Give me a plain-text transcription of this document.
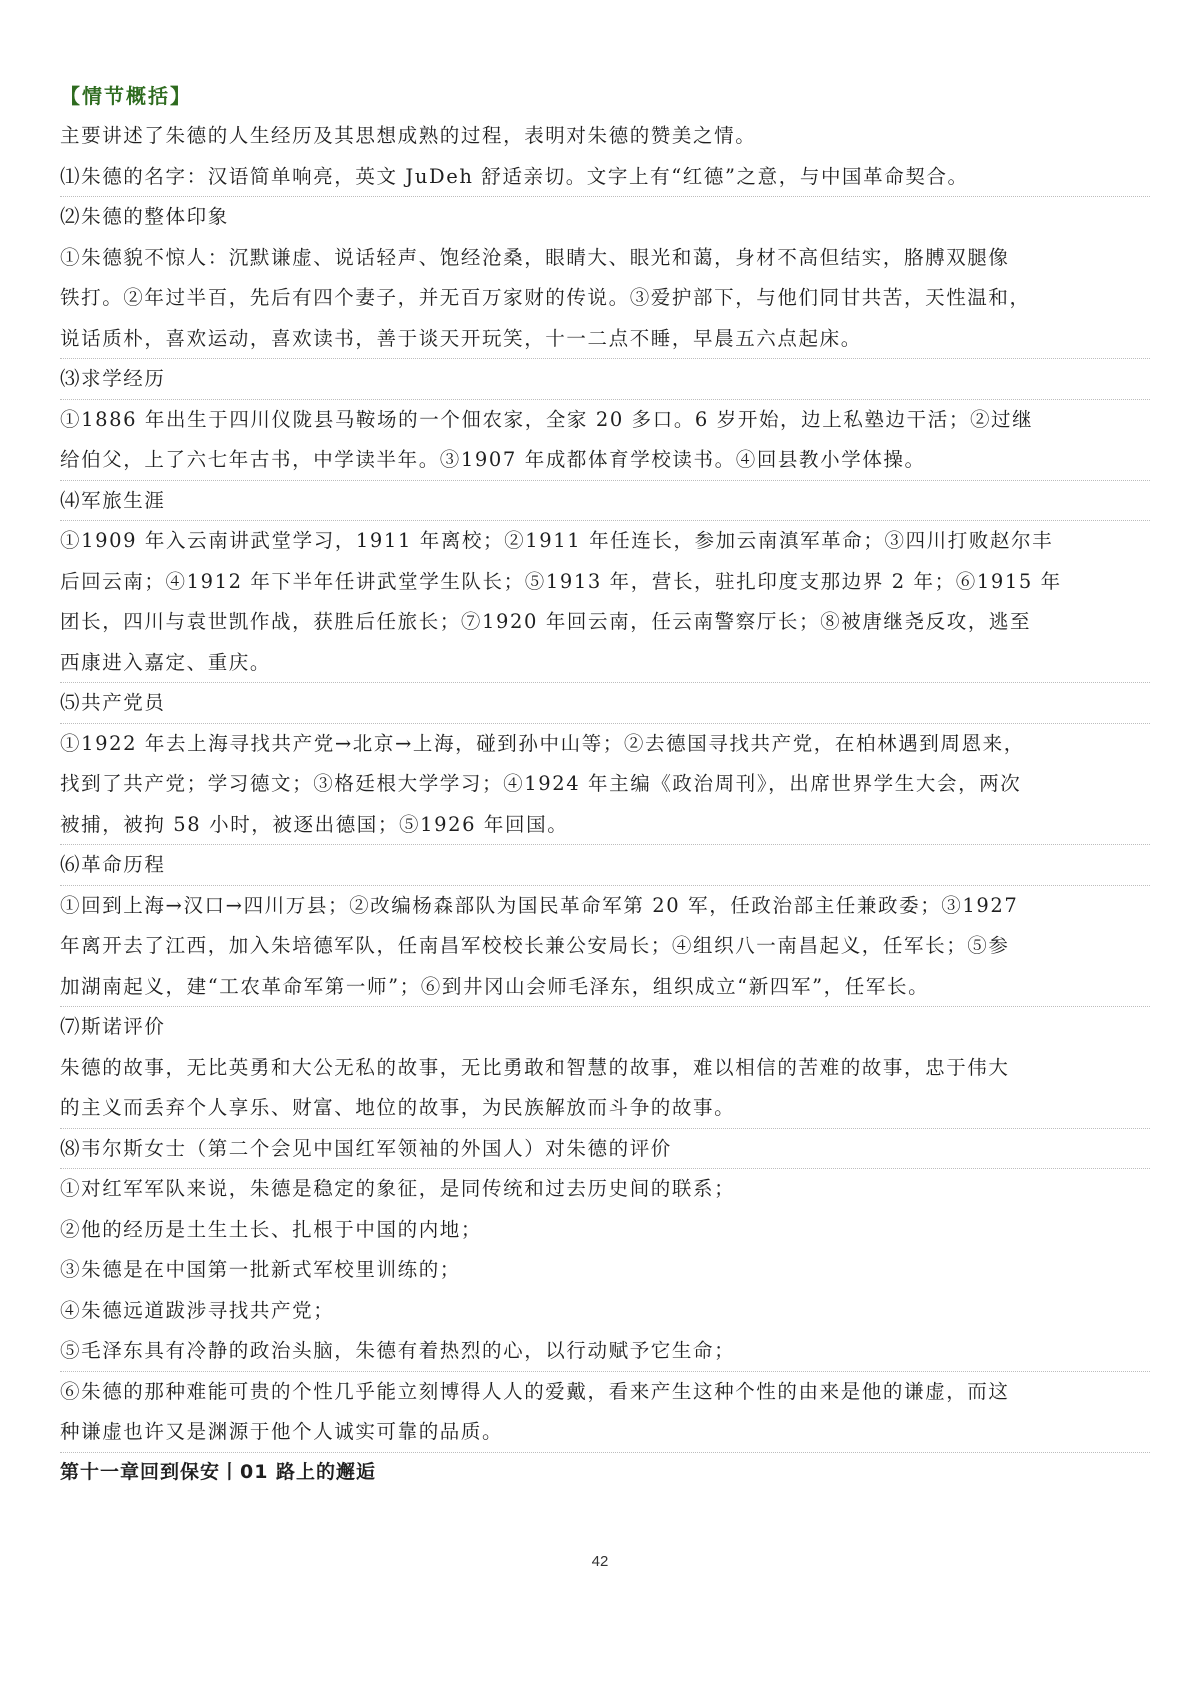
【情节概括】
主要讲述了朱德的人生经历及其思想成熟的过程，表明对朱德的赞美之情。
⑴朱德的名字：汉语简单响亮，英文 JuDeh 舒适亲切。文字上有“红德”之意，与中国革命契合。
⑵朱德的整体印象
①朱德貌不惊人：沉默谦虚、说话轻声、饱经沧桑，眼睛大、眼光和蔼，身材不高但结实，胳膊双腿像
铁打。②年过半百，先后有四个妻子，并无百万家财的传说。③爱护部下，与他们同甘共苦，天性温和，
说话质朴，喜欢运动，喜欢读书，善于谈天开玩笑，十一二点不睡，早晨五六点起床。
⑶求学经历
①1886 年出生于四川仪陇县马鞍场的一个佃农家，全家 20 多口。6 岁开始，边上私塾边干活；②过继
给伯父，上了六七年古书，中学读半年。③1907 年成都体育学校读书。④回县教小学体操。
⑷军旅生涯
①1909 年入云南讲武堂学习，1911 年离校；②1911 年任连长，参加云南滇军革命；③四川打败赵尔丰
后回云南；④1912 年下半年任讲武堂学生队长；⑤1913 年，营长，驻扎印度支那边界 2 年；⑥1915 年
团长，四川与袁世凯作战，获胜后任旅长；⑦1920 年回云南，任云南警察厅长；⑧被唐继尧反攻，逃至
西康进入嘉定、重庆。
⑸共产党员
①1922 年去上海寻找共产党→北京→上海，碰到孙中山等；②去德国寻找共产党，在柏林遇到周恩来，
找到了共产党；学习德文；③格廷根大学学习；④1924 年主编《政治周刊》，出席世界学生大会，两次
被捕，被拘 58 小时，被逐出德国；⑤1926 年回国。
⑹革命历程
①回到上海→汉口→四川万县；②改编杨森部队为国民革命军第 20 军，任政治部主任兼政委；③1927
年离开去了江西，加入朱培德军队，任南昌军校校长兼公安局长；④组织八一南昌起义，任军长；⑤参
加湖南起义，建“工农革命军第一师”；⑥到井冈山会师毛泽东，组织成立“新四军”，任军长。
⑺斯诺评价
朱德的故事，无比英勇和大公无私的故事，无比勇敢和智慧的故事，难以相信的苦难的故事，忠于伟大
的主义而丢弃个人享乐、财富、地位的故事，为民族解放而斗争的故事。
⑻韦尔斯女士（第二个会见中国红军领袖的外国人）对朱德的评价
①对红军军队来说，朱德是稳定的象征，是同传统和过去历史间的联系；
②他的经历是土生土长、扎根于中国的内地；
③朱德是在中国第一批新式军校里训练的；
④朱德远道跋涉寻找共产党；
⑤毛泽东具有冷静的政治头脑，朱德有着热烈的心，以行动赋予它生命；
⑥朱德的那种难能可贵的个性几乎能立刻博得人人的爱戴，看来产生这种个性的由来是他的谦虚，而这
种谦虚也许又是渊源于他个人诚实可靠的品质。
第十一章回到保安丨01 路上的邂逅
42
